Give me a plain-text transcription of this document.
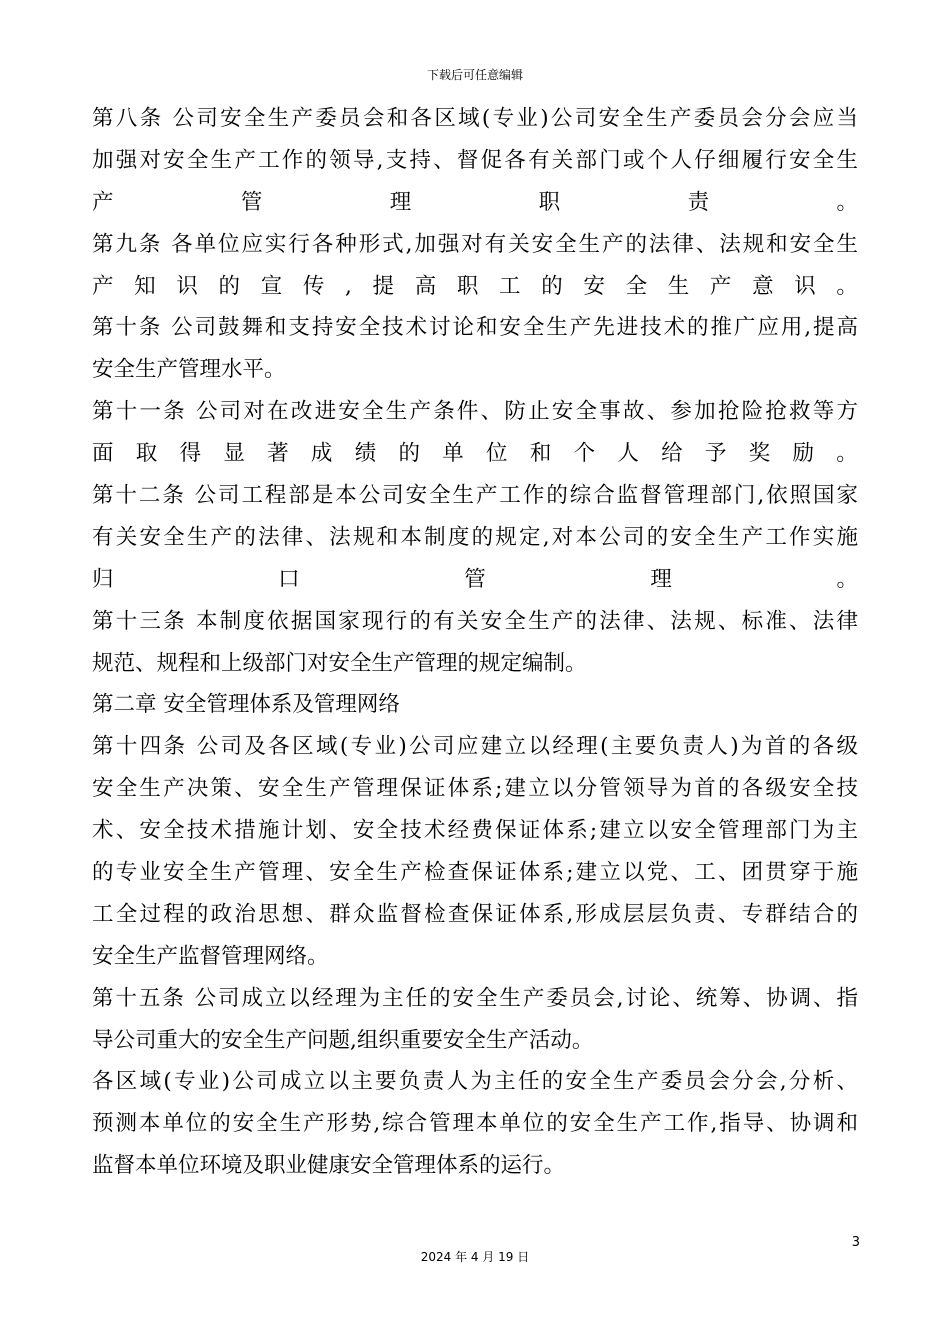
下载后可任意编辑
第八条 公司安全生产委员会和各区域(专业)公司安全生产委员会分会应当
加强对安全生产工作的领导,支持、督促各有关部门或个人仔细履行安全生
产	管	理	职	责	。
第九条 各单位应实行各种形式,加强对有关安全生产的法律、法规和安全生
产 知 识 的 宣 传 , 提 高 职 工 的 安 全 生 产 意 识 。
第十条 公司鼓舞和支持安全技术讨论和安全生产先进技术的推广应用,提高
安全生产管理水平。
第十一条 公司对在改进安全生产条件、防止安全事故、参加抢险抢救等方
面 取 得 显 著 成 绩 的 单 位 和 个 人 给 予 奖 励 。
第十二条 公司工程部是本公司安全生产工作的综合监督管理部门,依照国家
有关安全生产的法律、法规和本制度的规定,对本公司的安全生产工作实施
归	口	管	理	。
第十三条 本制度依据国家现行的有关安全生产的法律、法规、标准、法律
规范、规程和上级部门对安全生产管理的规定编制。
第二章 安全管理体系及管理网络
第十四条 公司及各区域(专业)公司应建立以经理(主要负责人)为首的各级
安全生产决策、安全生产管理保证体系;建立以分管领导为首的各级安全技
术、安全技术措施计划、安全技术经费保证体系;建立以安全管理部门为主
的专业安全生产管理、安全生产检查保证体系;建立以党、工、团贯穿于施
工全过程的政治思想、群众监督检查保证体系,形成层层负责、专群结合的
安全生产监督管理网络。
第十五条 公司成立以经理为主任的安全生产委员会,讨论、统筹、协调、指
导公司重大的安全生产问题,组织重要安全生产活动。
各区域(专业)公司成立以主要负责人为主任的安全生产委员会分会,分析、
预测本单位的安全生产形势,综合管理本单位的安全生产工作,指导、协调和
监督本单位环境及职业健康安全管理体系的运行。
3
2024 年 4 月 19 日
